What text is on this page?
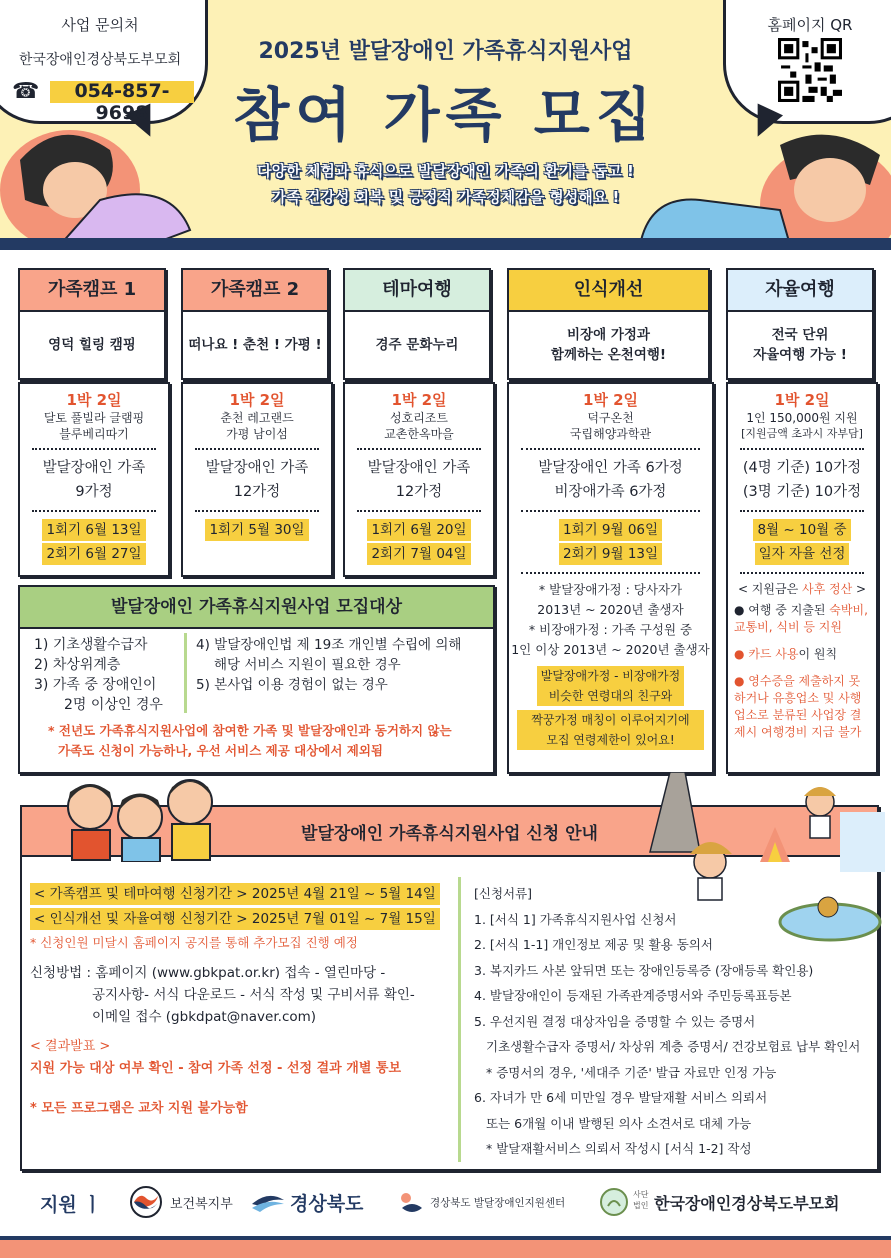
사업 문의처
한국장애인경상북도부모회
☎	054-857-9698
홈페이지 QR
2025년 발달장애인 가족휴식지원사업
참여 가족 모집
다양한 체험과 휴식으로 발달장애인 가족의 환기를 돕고 !
가족 건강성 회복 및 긍정적 가족정체감을 형성해요 !
가족캠프 1
영덕 힐링 캠핑
1박 2일
달토 풀빌라 글램핑
블루베리따기
발달장애인 가족
9가정
1회기 6월 13일
2회기 6월 27일
가족캠프 2
떠나요 ! 춘천 ! 가평 !
1박 2일
춘천 레고랜드
가평 남이섬
발달장애인 가족
12가정
1회기 5월 30일
테마여행
경주 문화누리
1박 2일
성호리조트
교촌한옥마을
발달장애인 가족
12가정
1회기 6월 20일
2회기 7월 04일
인식개선
비장애 가정과
함께하는 온천여행!
1박 2일
덕구온천
국립해양과학관
발달장애인 가족 6가정
비장애가족 6가정
1회기 9월 06일
2회기 9월 13일
* 발달장애가정 : 당사자가
2013년 ~ 2020년 출생자
* 비장애가정 : 가족 구성원 중
1인 이상 2013년 ~ 2020년 출생자
발달장애가정 - 비장애가정
비슷한 연령대의 친구와
짝꿍가정 매칭이 이루어지기에
모집 연령제한이 있어요!
자율여행
전국 단위
자율여행 가능 !
1박 2일
1인 150,000원 지원
[지원금액 초과시 자부담]
(4명 기준) 10가정
(3명 기준) 10가정
8월 ~ 10월 중
일자 자율 선정
< 지원금은 사후 정산 >
● 여행 중 지출된 숙박비, 교통비, 식비 등 지원
● 카드 사용이 원칙
● 영수증을 제출하지 못하거나 유흥업소 및 사행업소로 분류된 사업장 결제시 여행경비 지급 불가
발달장애인 가족휴식지원사업 모집대상
1) 기초생활수급자
2) 차상위계층
3) 가족 중 장애인이
2명 이상인 경우
4) 발달장애인법 제 19조 개인별 수립에 의해
해당 서비스 지원이 필요한 경우
5) 본사업 이용 경험이 없는 경우
* 전년도 가족휴식지원사업에 참여한 가족 및 발달장애인과 동거하지 않는
가족도 신청이 가능하나, 우선 서비스 제공 대상에서 제외됨
발달장애인 가족휴식지원사업 신청 안내
< 가족캠프 및 테마여행 신청기간 > 2025년 4월 21일 ~ 5월 14일
< 인식개선 및 자율여행 신청기간 > 2025년 7월 01일 ~ 7월 15일
* 신청인원 미달시 홈페이지 공지를 통해 추가모집 진행 예정
신청방법 : 홈페이지 (www.gbkpat.or.kr) 접속 - 열린마당 -
공지사항- 서식 다운로드 - 서식 작성 및 구비서류 확인-
이메일 접수 (gbkdpat@naver.com)
< 결과발표 >
지원 가능 대상 여부 확인 - 참여 가족 선정 - 선정 결과 개별 통보
* 모든 프로그램은 교차 지원 불가능함
[신청서류]
1. [서식 1] 가족휴식지원사업 신청서
2. [서식 1-1] 개인정보 제공 및 활용 동의서
3. 복지카드 사본 앞뒤면 또는 장애인등록증 (장애등록 확인용)
4. 발달장애인이 등재된 가족관계증명서와 주민등록표등본
5. 우선지원 결정 대상자임을 증명할 수 있는 증명서
기초생활수급자 증명서/ 차상위 계층 증명서/ 건강보험료 납부 확인서
* 증명서의 경우, '세대주 기준' 발급 자료만 인정 가능
6. 자녀가 만 6세 미만일 경우 발달재활 서비스 의뢰서
또는 6개월 이내 발행된 의사 소견서로 대체 가능
* 발달재활서비스 의뢰서 작성시 [서식 1-2] 작성
지원 ㅣ	보건복지부	경상북도	경상북도 발달장애인지원센터
사단
법인 한국장애인경상북도부모회
